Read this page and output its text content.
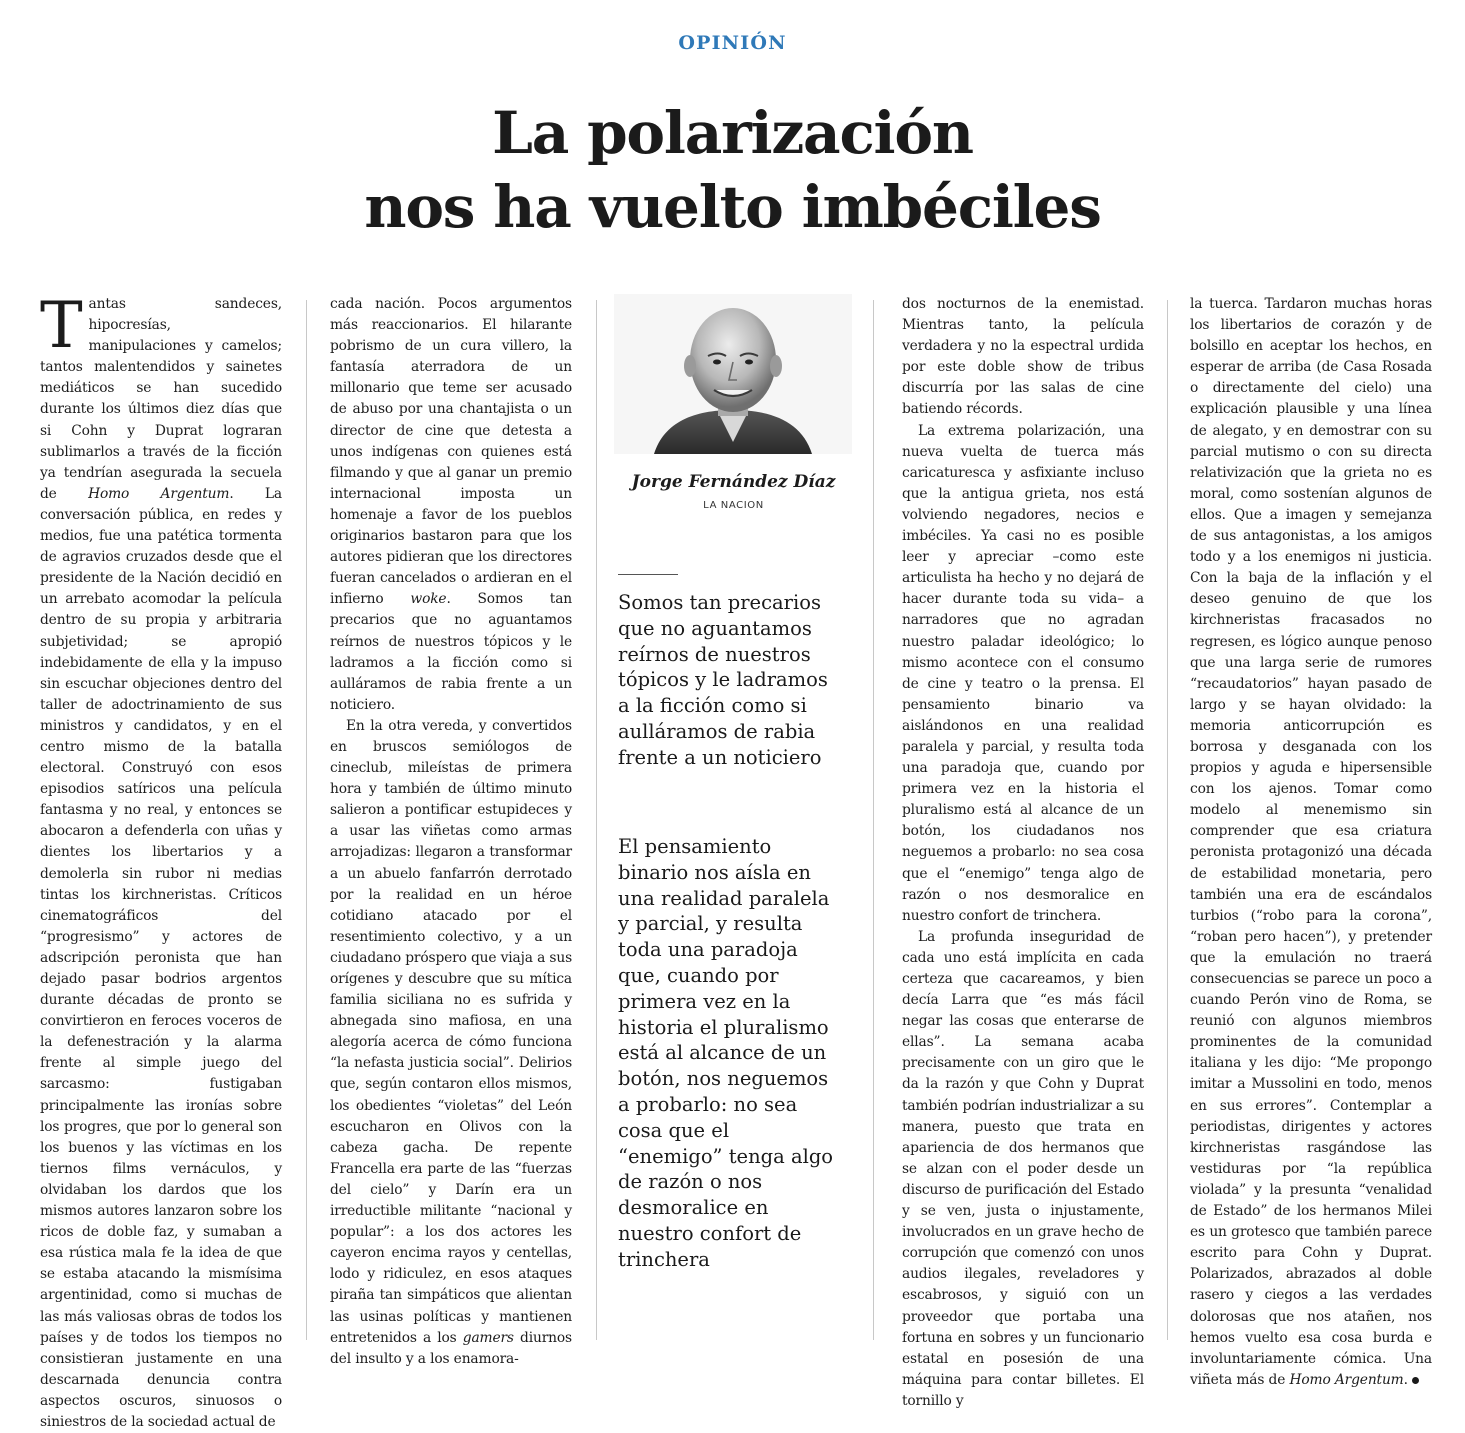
OPINIÓN
La polarización
nos ha vuelto imbéciles

Tantas sandeces, hipocresías, manipulaciones y camelos; tantos malentendidos y sainetes mediáticos se han sucedido durante los últimos diez días que si Cohn y Duprat lograran sublimarlos a través de la ficción ya tendrían asegurada la secuela de Homo Argentum. La conversación pública, en redes y medios, fue una patética tormenta de agravios cruzados desde que el presidente de la Nación decidió en un arrebato acomodar la película dentro de su propia y arbitraria subjetividad; se apropió indebidamente de ella y la impuso sin escuchar objeciones dentro del taller de adoctrinamiento de sus ministros y candidatos, y en el centro mismo de la batalla electoral. Construyó con esos episodios satíricos una película fantasma y no real, y entonces se abocaron a defenderla con uñas y dientes los libertarios y a demolerla sin rubor ni medias tintas los kirchneristas. Críticos cinematográficos del “progresismo” y actores de adscripción peronista que han dejado pasar bodrios argentos durante décadas de pronto se convirtieron en feroces voceros de la defenestración y la alarma frente al simple juego del sarcasmo: fustigaban principalmente las ironías sobre los progres, que por lo general son los buenos y las víctimas en los tiernos films vernáculos, y olvidaban los dardos que los mismos autores lanzaron sobre los ricos de doble faz, y sumaban a esa rústica mala fe la idea de que se estaba atacando la mismísima argentinidad, como si muchas de las más valiosas obras de todos los países y de todos los tiempos no consistieran justamente en una descarnada denuncia contra aspectos oscuros, sinuosos o siniestros de la sociedad actual de

cada nación. Pocos argumentos más reaccionarios. El hilarante pobrismo de un cura villero, la fantasía aterradora de un millonario que teme ser acusado de abuso por una chantajista o un director de cine que detesta a unos indígenas con quienes está filmando y que al ganar un premio internacional impostа un homenaje a favor de los pueblos originarios bastaron para que los autores pidieran que los directores fueran cancelados o ardieran en el infierno woke. Somos tan precarios que no aguantamos reírnos de nuestros tópicos y le ladramos a la ficción como si aulláramos de rabia frente a un noticiero.

En la otra vereda, y convertidos en bruscos semiólogos de cineclub, mileístas de primera hora y también de último minuto salieron a pontificar estupideces y a usar las viñetas como armas arrojadizas: llegaron a transformar a un abuelo fanfarrón derrotado por la realidad en un héroe cotidiano atacado por el resentimiento colectivo, y a un ciudadano próspero que viaja a sus orígenes y descubre que su mítica familia siciliana no es sufrida y abnegada sino mafiosa, en una alegoría acerca de cómo funciona “la nefasta justicia social”. Delirios que, según contaron ellos mismos, los obedientes “violetas” del León escucharon en Olivos con la cabeza gacha. De repente Francella era parte de las “fuerzas del cielo” y Darín era un irreductible militante “nacional y popular”: a los dos actores les cayeron encima rayos y centellas, lodo y ridiculez, en esos ataques piraña tan simpáticos que alientan las usinas políticas y mantienen entretenidos a los gamers diurnos del insulto y a los enamora-

Jorge Fernández Díaz
LA NACION
Somos tan precarios que no aguantamos reírnos de nuestros tópicos y le ladramos a la ficción como si aulláramos de rabia frente a un noticiero
El pensamiento binario nos aísla en una realidad paralela y parcial, y resulta toda una paradoja que, cuando por primera vez en la historia el pluralismo está al alcance de un botón, nos neguemos a probarlo: no sea cosa que el “enemigo” tenga algo de razón o nos desmoralice en nuestro confort de trinchera

dos nocturnos de la enemistad. Mientras tanto, la película verdadera y no la espectral urdida por este doble show de tribus discurría por las salas de cine batiendo récords.

La extrema polarización, una nueva vuelta de tuerca más caricaturesca y asfixiante incluso que la antigua grieta, nos está volviendo negadores, necios e imbéciles. Ya casi no es posible leer y apreciar –como este articulista ha hecho y no dejará de hacer durante toda su vida– a narradores que no agradan nuestro paladar ideológico; lo mismo acontece con el consumo de cine y teatro o la prensa. El pensamiento binario va aislándonos en una realidad paralela y parcial, y resulta toda una paradoja que, cuando por primera vez en la historia el pluralismo está al alcance de un botón, los ciudadanos nos neguemos a probarlo: no sea cosa que el “enemigo” tenga algo de razón o nos desmoralice en nuestro confort de trinchera.

La profunda inseguridad de cada uno está implícita en cada certeza que cacareamos, y bien decía Larra que “es más fácil negar las cosas que enterarse de ellas”. La semana acaba precisamente con un giro que le da la razón y que Cohn y Duprat también podrían industrializar a su manera, puesto que trata en apariencia de dos hermanos que se alzan con el poder desde un discurso de purificación del Estado y se ven, justa o injustamente, involucrados en un grave hecho de corrupción que comenzó con unos audios ilegales, reveladores y escabrosos, y siguió con un proveedor que portaba una fortuna en sobres y un funcionario estatal en posesión de una máquina para contar billetes. El tornillo y

la tuerca. Tardaron muchas horas los libertarios de corazón y de bolsillo en aceptar los hechos, en esperar de arriba (de Casa Rosada o directamente del cielo) una explicación plausible y una línea de alegato, y en demostrar con su parcial mutismo o con su directa relativización que la grieta no es moral, como sostenían algunos de ellos. Que a imagen y semejanza de sus antagonistas, a los amigos todo y a los enemigos ni justicia. Con la baja de la inflación y el deseo genuino de que los kirchneristas fracasados no regresen, es lógico aunque penoso que una larga serie de rumores “recaudatorios” hayan pasado de largo y se hayan olvidado: la memoria anticorrupción es borrosa y desganada con los propios y aguda e hipersensible con los ajenos. Tomar como modelo al menemismo sin comprender que esa criatura peronista protagonizó una década de estabilidad monetaria, pero también una era de escándalos turbios (“robo para la corona”, “roban pero hacen”), y pretender que la emulación no traerá consecuencias se parece un poco a cuando Perón vino de Roma, se reunió con algunos miembros prominentes de la comunidad italiana y les dijo: “Me propongo imitar a Mussolini en todo, menos en sus errores”. Contemplar a periodistas, dirigentes y actores kirchneristas rasgándose las vestiduras por “la república violada” y la presunta “venalidad de Estado” de los hermanos Milei es un grotesco que también parece escrito para Cohn y Duprat. Polarizados, abrazados al doble rasero y ciegos a las verdades dolorosas que nos atañen, nos hemos vuelto esa cosa burda e involuntariamente cómica. Una viñeta más de Homo Argentum.
